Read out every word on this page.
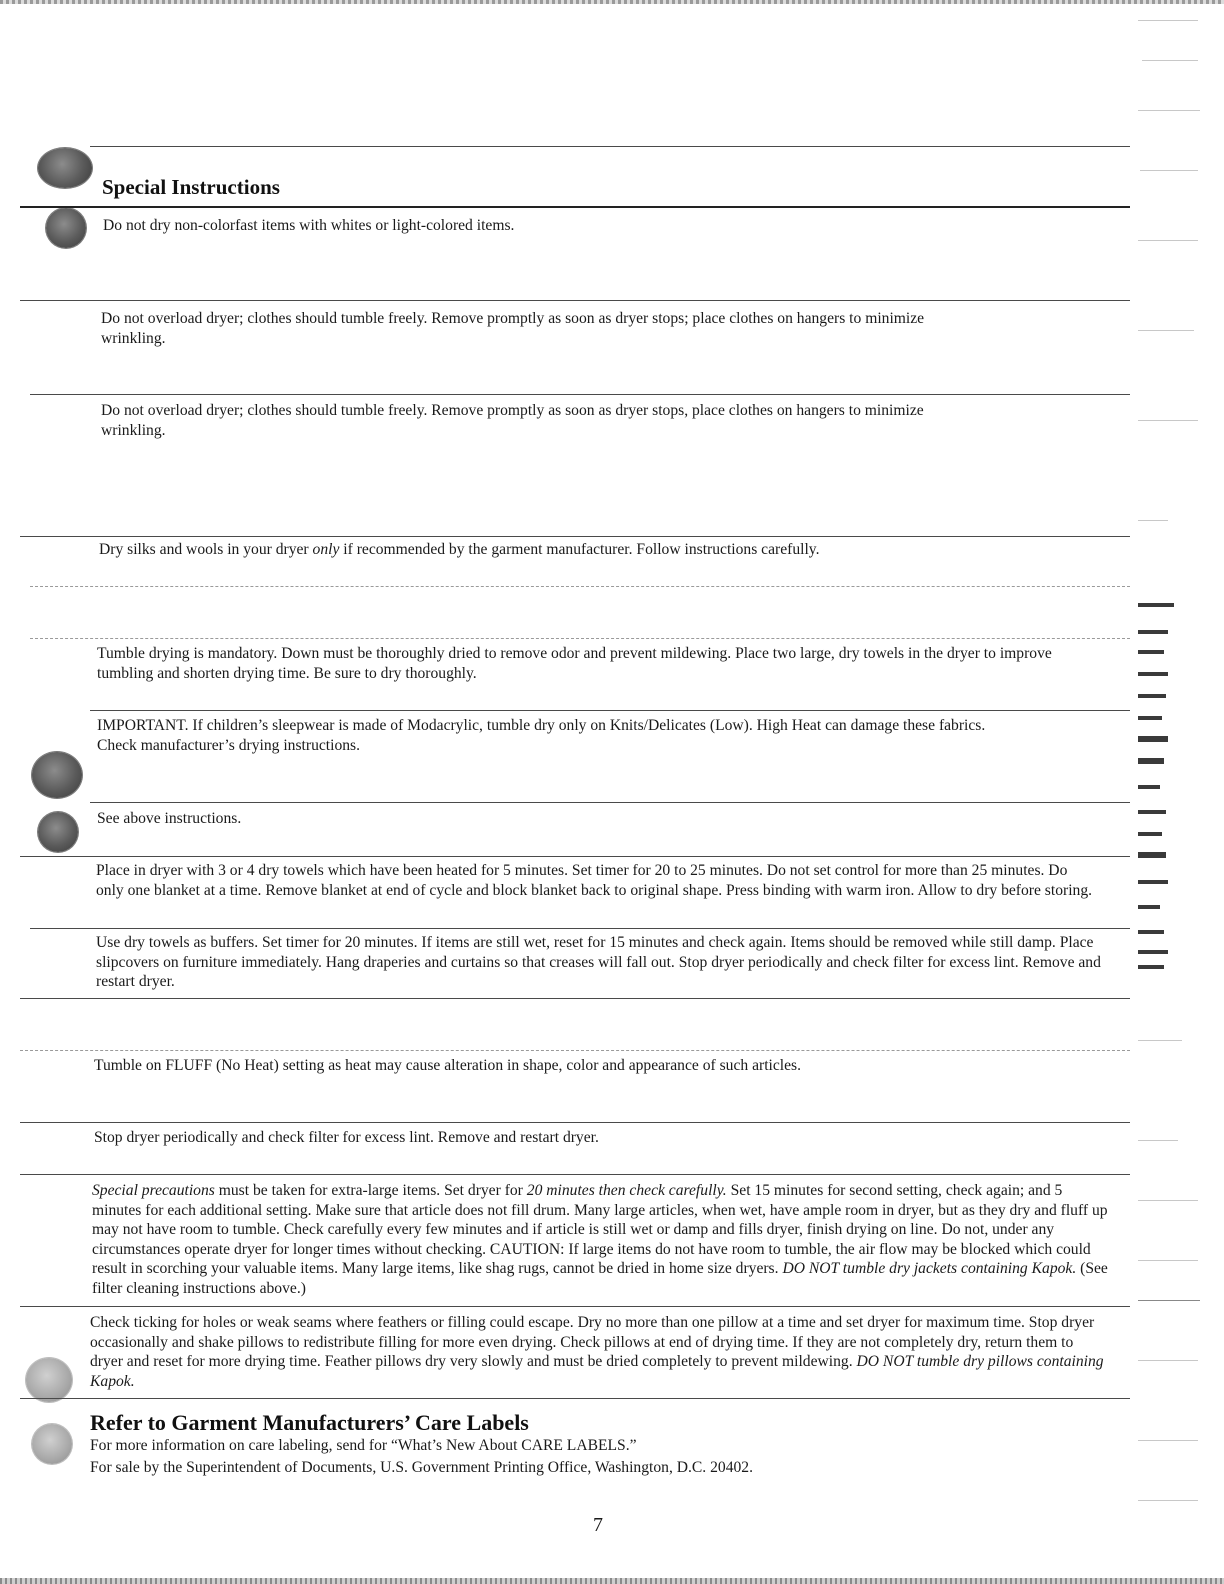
Special Instructions
Do not dry non-colorfast items with whites or light-colored items.
Do not overload dryer; clothes should tumble freely. Remove promptly as soon as dryer stops; place clothes on hangers to minimize wrinkling.
Do not overload dryer; clothes should tumble freely. Remove promptly as soon as dryer stops, place clothes on hangers to minimize wrinkling.
Dry silks and wools in your dryer only if recommended by the garment manufacturer. Follow instructions carefully.
Tumble drying is mandatory. Down must be thoroughly dried to remove odor and prevent mildewing. Place two large, dry towels in the dryer to improve tumbling and shorten drying time. Be sure to dry thoroughly.
IMPORTANT. If children’s sleepwear is made of Modacrylic, tumble dry only on Knits/Delicates (Low). High Heat can damage these fabrics.
Check manufacturer’s drying instructions.
See above instructions.
Place in dryer with 3 or 4 dry towels which have been heated for 5 minutes. Set timer for 20 to 25 minutes. Do not set control for more than 25 minutes. Do only one blanket at a time. Remove blanket at end of cycle and block blanket back to original shape. Press binding with warm iron. Allow to dry before storing.
Use dry towels as buffers. Set timer for 20 minutes. If items are still wet, reset for 15 minutes and check again. Items should be removed while still damp. Place slipcovers on furniture immediately. Hang draperies and curtains so that creases will fall out. Stop dryer periodically and check filter for excess lint. Remove and restart dryer.
Tumble on FLUFF (No Heat) setting as heat may cause alteration in shape, color and appearance of such articles.
Stop dryer periodically and check filter for excess lint. Remove and restart dryer.
Special precautions must be taken for extra-large items. Set dryer for 20 minutes then check carefully. Set 15 minutes for second setting, check again; and 5 minutes for each additional setting. Make sure that article does not fill drum. Many large articles, when wet, have ample room in dryer, but as they dry and fluff up may not have room to tumble. Check carefully every few minutes and if article is still wet or damp and fills dryer, finish drying on line. Do not, under any circumstances operate dryer for longer times without checking. CAUTION: If large items do not have room to tumble, the air flow may be blocked which could result in scorching your valuable items. Many large items, like shag rugs, cannot be dried in home size dryers. DO NOT tumble dry jackets containing Kapok. (See filter cleaning instructions above.)
Check ticking for holes or weak seams where feathers or filling could escape. Dry no more than one pillow at a time and set dryer for maximum time. Stop dryer occasionally and shake pillows to redistribute filling for more even drying. Check pillows at end of drying time. If they are not completely dry, return them to dryer and reset for more drying time. Feather pillows dry very slowly and must be dried completely to prevent mildewing. DO NOT tumble dry pillows containing Kapok.
Refer to Garment Manufacturers’ Care Labels
For more information on care labeling, send for “What’s New About CARE LABELS.”
For sale by the Superintendent of Documents, U.S. Government Printing Office, Washington, D.C. 20402.
7
